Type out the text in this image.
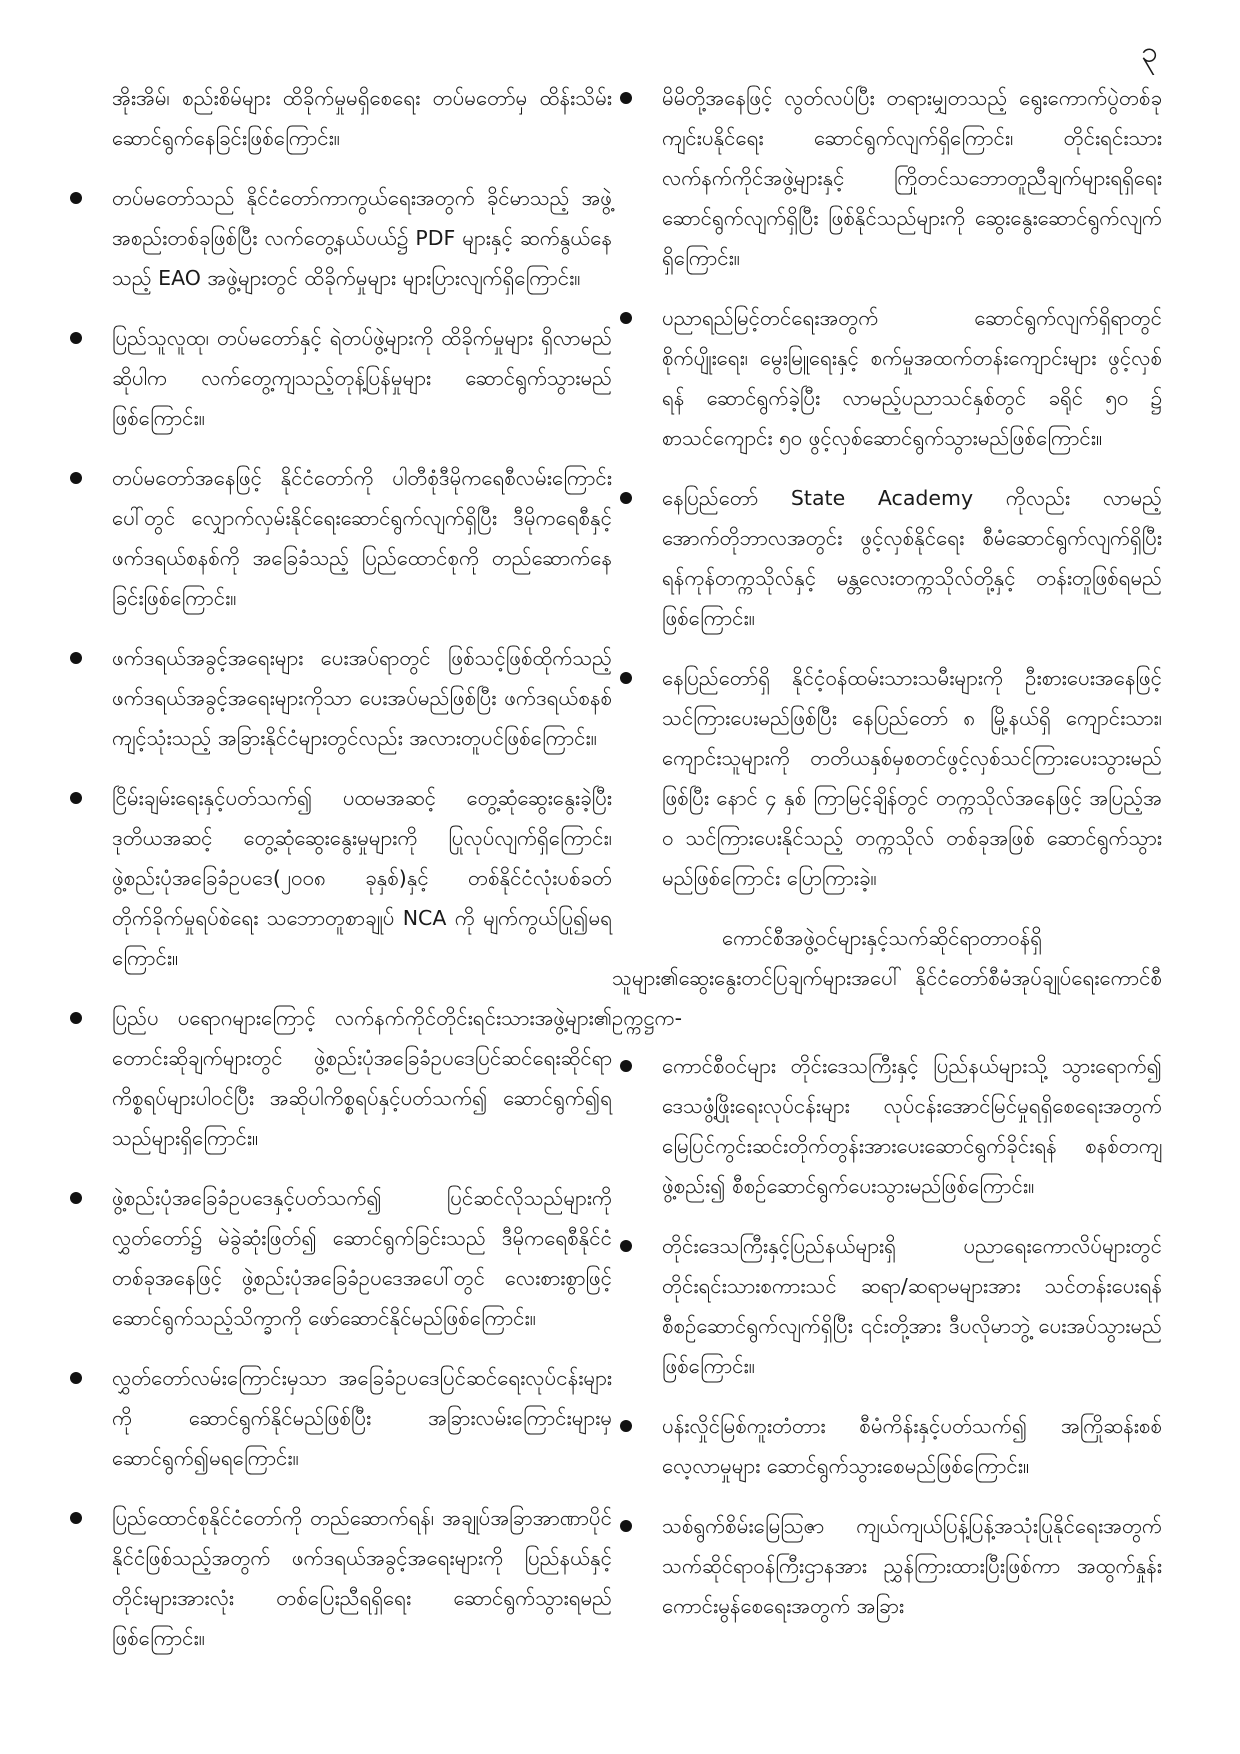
၃

အိုးအိမ်၊ စည်းစိမ်များ ထိခိုက်မှုမရှိစေရေး တပ်မတော်မှ ထိန်းသိမ်းဆောင်ရွက်နေခြင်းဖြစ်ကြောင်း။

တပ်မတော်သည် နိုင်ငံတော်ကာကွယ်ရေးအတွက် ခိုင်မာသည့် အဖွဲ့အစည်းတစ်ခုဖြစ်ပြီး လက်တွေ့နယ်ပယ်၌ PDF များနှင့် ဆက်နွယ်နေသည့် EAO အဖွဲ့များတွင် ထိခိုက်မှုများ များပြားလျက်ရှိကြောင်း။
ပြည်သူလူထု၊ တပ်မတော်နှင့် ရဲတပ်ဖွဲ့များကို ထိခိုက်မှုများ ရှိလာမည်ဆိုပါက လက်တွေ့ကျသည့်တုန့်ပြန်မှုများ ဆောင်ရွက်သွားမည်ဖြစ်ကြောင်း။
တပ်မတော်အနေဖြင့် နိုင်ငံတော်ကို ပါတီစုံဒီမိုကရေစီလမ်းကြောင်းပေါ်တွင် လျှောက်လှမ်းနိုင်ရေးဆောင်ရွက်လျက်ရှိပြီး ဒီမိုကရေစီနှင့်ဖက်ဒရယ်စနစ်ကို အခြေခံသည့် ပြည်ထောင်စုကို တည်ဆောက်နေခြင်းဖြစ်ကြောင်း။
ဖက်ဒရယ်အခွင့်အရေးများ ပေးအပ်ရာတွင် ဖြစ်သင့်ဖြစ်ထိုက်သည့် ဖက်ဒရယ်အခွင့်အရေးများကိုသာ ပေးအပ်မည်ဖြစ်ပြီး ဖက်ဒရယ်စနစ်ကျင့်သုံးသည့် အခြားနိုင်ငံများတွင်လည်း အလားတူပင်ဖြစ်ကြောင်း။
ငြိမ်းချမ်းရေးနှင့်ပတ်သက်၍ ပထမအဆင့် တွေ့ဆုံဆွေးနွေးခဲ့ပြီး ဒုတိယအဆင့် တွေ့ဆုံဆွေးနွေးမှုများကို ပြုလုပ်လျက်ရှိကြောင်း၊ ဖွဲ့စည်းပုံအခြေခံဥပဒေ(၂၀၀၈ ခုနှစ်)နှင့် တစ်နိုင်ငံလုံးပစ်ခတ်တိုက်ခိုက်မှုရပ်စဲရေး သဘောတူစာချုပ် NCA ကို မျက်ကွယ်ပြု၍မရကြောင်း။
ပြည်ပ ပရောဂများကြောင့် လက်နက်ကိုင်တိုင်းရင်းသားအဖွဲ့များ၏ တောင်းဆိုချက်များတွင် ဖွဲ့စည်းပုံအခြေခံဥပဒေပြင်ဆင်ရေးဆိုင်ရာကိစ္စရပ်များပါဝင်ပြီး အဆိုပါကိစ္စရပ်နှင့်ပတ်သက်၍ ဆောင်ရွက်၍ရသည်များရှိကြောင်း။
ဖွဲ့စည်းပုံအခြေခံဥပဒေနှင့်ပတ်သက်၍ ပြင်ဆင်လိုသည်များကို လွှတ်တော်၌ မဲခွဲဆုံးဖြတ်၍ ဆောင်ရွက်ခြင်းသည် ဒီမိုကရေစီနိုင်ငံတစ်ခုအနေဖြင့် ဖွဲ့စည်းပုံအခြေခံဥပဒေအပေါ်တွင် လေးစားစွာဖြင့် ဆောင်ရွက်သည့်သိက္ခာကို ဖော်ဆောင်နိုင်မည်ဖြစ်ကြောင်း။
လွှတ်တော်လမ်းကြောင်းမှသာ အခြေခံဥပဒေပြင်ဆင်ရေးလုပ်ငန်းများကို ဆောင်ရွက်နိုင်မည်ဖြစ်ပြီး အခြားလမ်းကြောင်းများမှ ဆောင်ရွက်၍မရကြောင်း။
ပြည်ထောင်စုနိုင်ငံတော်ကို တည်ဆောက်ရန်၊ အချုပ်အခြာအာဏာပိုင် နိုင်ငံဖြစ်သည့်အတွက် ဖက်ဒရယ်အခွင့်အရေးများကို ပြည်နယ်နှင့်တိုင်းများအားလုံး တစ်ပြေးညီရရှိရေး ဆောင်ရွက်သွားရမည်ဖြစ်ကြောင်း။
မိမိတို့အနေဖြင့် လွတ်လပ်ပြီး တရားမျှတသည့် ရွေးကောက်ပွဲတစ်ခု ကျင်းပနိုင်ရေး ဆောင်ရွက်လျက်ရှိကြောင်း၊ တိုင်းရင်းသားလက်နက်ကိုင်အဖွဲ့များနှင့် ကြိုတင်သဘောတူညီချက်များရရှိရေး ဆောင်ရွက်လျက်ရှိပြီး ဖြစ်နိုင်သည်များကို ဆွေးနွေးဆောင်ရွက်လျက်ရှိကြောင်း။
ပညာရည်မြင့်တင်ရေးအတွက် ဆောင်ရွက်လျက်ရှိရာတွင် စိုက်ပျိုးရေး၊ မွေးမြူရေးနှင့် စက်မှုအထက်တန်းကျောင်းများ ဖွင့်လှစ်ရန် ဆောင်ရွက်ခဲ့ပြီး လာမည့်ပညာသင်နှစ်တွင် ခရိုင် ၅၀ ၌ စာသင်ကျောင်း ၅၀ ဖွင့်လှစ်ဆောင်ရွက်သွားမည်ဖြစ်ကြောင်း။
နေပြည်တော် State Academy ကိုလည်း လာမည့်အောက်တိုဘာလအတွင်း ဖွင့်လှစ်နိုင်ရေး စီမံဆောင်ရွက်လျက်ရှိပြီး ရန်ကုန်တက္ကသိုလ်နှင့် မန္တလေးတက္ကသိုလ်တို့နှင့် တန်းတူဖြစ်ရမည်ဖြစ်ကြောင်း။
နေပြည်တော်ရှိ နိုင်ငံ့ဝန်ထမ်းသားသမီးများကို ဦးစားပေးအနေဖြင့် သင်ကြားပေးမည်ဖြစ်ပြီး နေပြည်တော် ၈ မြို့နယ်ရှိ ကျောင်းသား၊ ကျောင်းသူများကို တတိယနှစ်မှစတင်ဖွင့်လှစ်သင်ကြားပေးသွားမည်ဖြစ်ပြီး နောင် ၄ နှစ် ကြာမြင့်ချိန်တွင် တက္ကသိုလ်အနေဖြင့် အပြည့်အဝ သင်ကြားပေးနိုင်သည့် တက္ကသိုလ် တစ်ခုအဖြစ် ဆောင်ရွက်သွားမည်ဖြစ်ကြောင်း ပြောကြားခဲ့။

ကောင်စီအဖွဲ့ဝင်များနှင့်သက်ဆိုင်ရာတာဝန်ရှိသူများ၏ဆွေးနွေးတင်ပြချက်များအပေါ် နိုင်ငံတော်စီမံအုပ်ချုပ်ရေးကောင်စီဥက္ကဋ္ဌက-

ကောင်စီဝင်များ တိုင်းဒေသကြီးနှင့် ပြည်နယ်များသို့ သွားရောက်၍ ဒေသဖွံ့ဖြိုးရေးလုပ်ငန်းများ လုပ်ငန်းအောင်မြင်မှုရရှိစေရေးအတွက် မြေပြင်ကွင်းဆင်းတိုက်တွန်းအားပေးဆောင်ရွက်ခိုင်းရန် စနစ်တကျဖွဲ့စည်း၍ စီစဉ်ဆောင်ရွက်ပေးသွားမည်ဖြစ်ကြောင်း။
တိုင်းဒေသကြီးနှင့်ပြည်နယ်များရှိ ပညာရေးကောလိပ်များတွင် တိုင်းရင်းသားစကားသင် ဆရာ/ဆရာမများအား သင်တန်းပေးရန် စီစဉ်ဆောင်ရွက်လျက်ရှိပြီး ၎င်းတို့အား ဒီပလိုမာဘွဲ့ ပေးအပ်သွားမည်ဖြစ်ကြောင်း။
ပန်းလှိုင်မြစ်ကူးတံတား စီမံကိန်းနှင့်ပတ်သက်၍ အကြိုဆန်းစစ်လေ့လာမှုများ ဆောင်ရွက်သွားစေမည်ဖြစ်ကြောင်း။
သစ်ရွက်စိမ်းမြေသြဇာ ကျယ်ကျယ်ပြန့်ပြန့်အသုံးပြုနိုင်ရေးအတွက် သက်ဆိုင်ရာဝန်ကြီးဌာနအား ညွှန်ကြားထားပြီးဖြစ်ကာ အထွက်နှုန်းကောင်းမွန်စေရေးအတွက် အခြား
